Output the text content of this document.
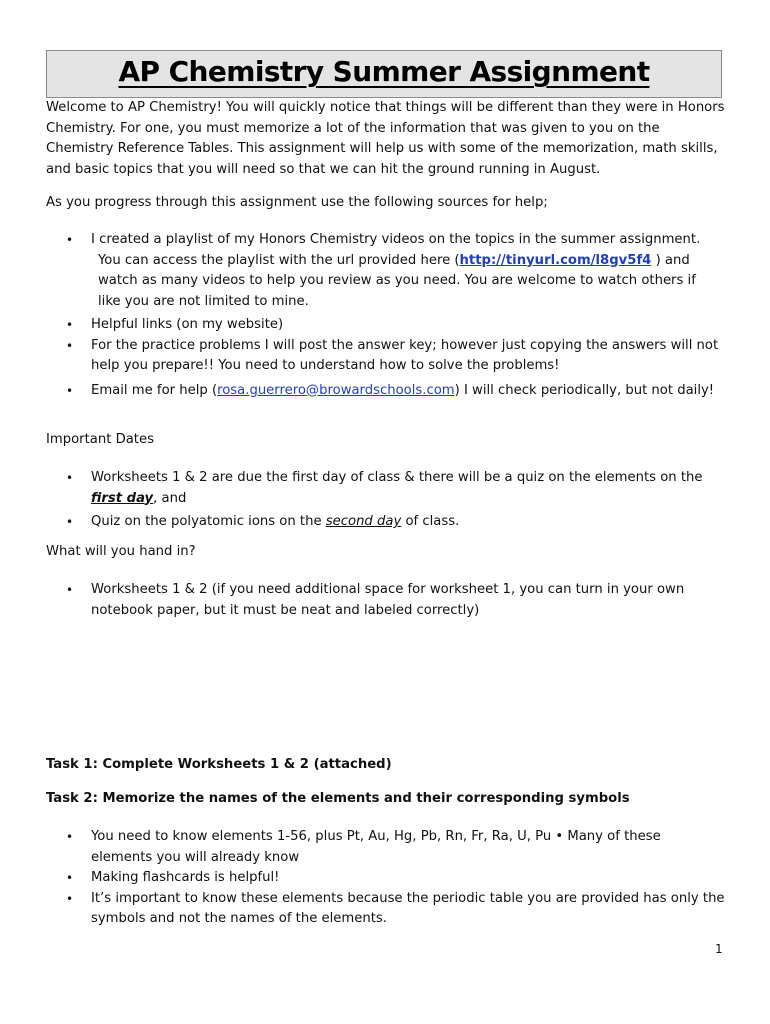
AP Chemistry Summer Assignment

Welcome to AP Chemistry! You will quickly notice that things will be different than they were in Honors Chemistry. For one, you must memorize a lot of the information that was given to you on the Chemistry Reference Tables. This assignment will help us with some of the memorization, math skills, and basic topics that you will need so that we can hit the ground running in August.

As you progress through this assignment use the following sources for help;

• I created a playlist of my Honors Chemistry videos on the topics in the summer assignment.
You can access the playlist with the url provided here (http://tinyurl.com/l8gv5f4 ) and
watch as many videos to help you review as you need. You are welcome to watch others if
like you are not limited to mine.
• Helpful links (on my website)
• For the practice problems I will post the answer key; however just copying the answers will not help you prepare!! You need to understand how to solve the problems!
• Email me for help (rosa.guerrero@browardschools.com) I will check periodically, but not daily!

Important Dates

• Worksheets 1 & 2 are due the first day of class & there will be a quiz on the elements on the first day, and
• Quiz on the polyatomic ions on the second day of class.

What will you hand in?

• Worksheets 1 & 2 (if you need additional space for worksheet 1, you can turn in your own notebook paper, but it must be neat and labeled correctly)

Task 1: Complete Worksheets 1 & 2 (attached)

Task 2: Memorize the names of the elements and their corresponding symbols

• You need to know elements 1-56, plus Pt, Au, Hg, Pb, Rn, Fr, Ra, U, Pu • Many of these elements you will already know
• Making flashcards is helpful!
• It’s important to know these elements because the periodic table you are provided has only the symbols and not the names of the elements.
1
